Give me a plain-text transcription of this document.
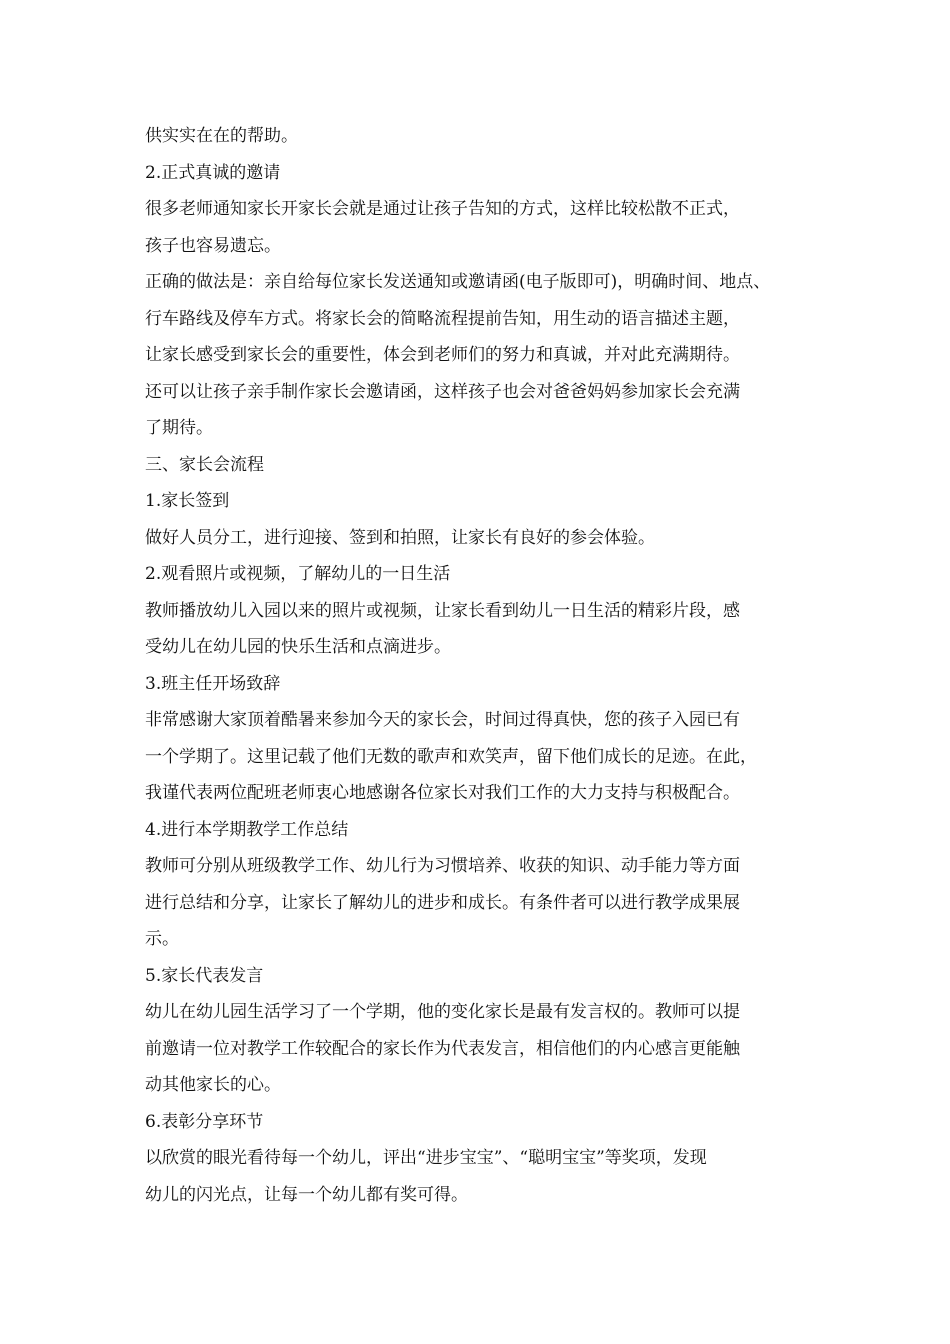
供实实在在的帮助。
2.正式真诚的邀请
很多老师通知家长开家长会就是通过让孩子告知的方式，这样比较松散不正式，
孩子也容易遗忘。
正确的做法是：亲自给每位家长发送通知或邀请函(电子版即可)，明确时间、地点、
行车路线及停车方式。将家长会的简略流程提前告知，用生动的语言描述主题，
让家长感受到家长会的重要性，体会到老师们的努力和真诚，并对此充满期待。
还可以让孩子亲手制作家长会邀请函，这样孩子也会对爸爸妈妈参加家长会充满
了期待。
三、家长会流程
1.家长签到
做好人员分工，进行迎接、签到和拍照，让家长有良好的参会体验。
2.观看照片或视频，了解幼儿的一日生活
教师播放幼儿入园以来的照片或视频，让家长看到幼儿一日生活的精彩片段，感
受幼儿在幼儿园的快乐生活和点滴进步。
3.班主任开场致辞
非常感谢大家顶着酷暑来参加今天的家长会，时间过得真快，您的孩子入园已有
一个学期了。这里记载了他们无数的歌声和欢笑声，留下他们成长的足迹。在此，
我谨代表两位配班老师衷心地感谢各位家长对我们工作的大力支持与积极配合。
4.进行本学期教学工作总结
教师可分别从班级教学工作、幼儿行为习惯培养、收获的知识、动手能力等方面
进行总结和分享，让家长了解幼儿的进步和成长。有条件者可以进行教学成果展
示。
5.家长代表发言
幼儿在幼儿园生活学习了一个学期，他的变化家长是最有发言权的。教师可以提
前邀请一位对教学工作较配合的家长作为代表发言，相信他们的内心感言更能触
动其他家长的心。
6.表彰分享环节
以欣赏的眼光看待每一个幼儿，评出“进步宝宝”、“聪明宝宝”等奖项，发现
幼儿的闪光点，让每一个幼儿都有奖可得。
